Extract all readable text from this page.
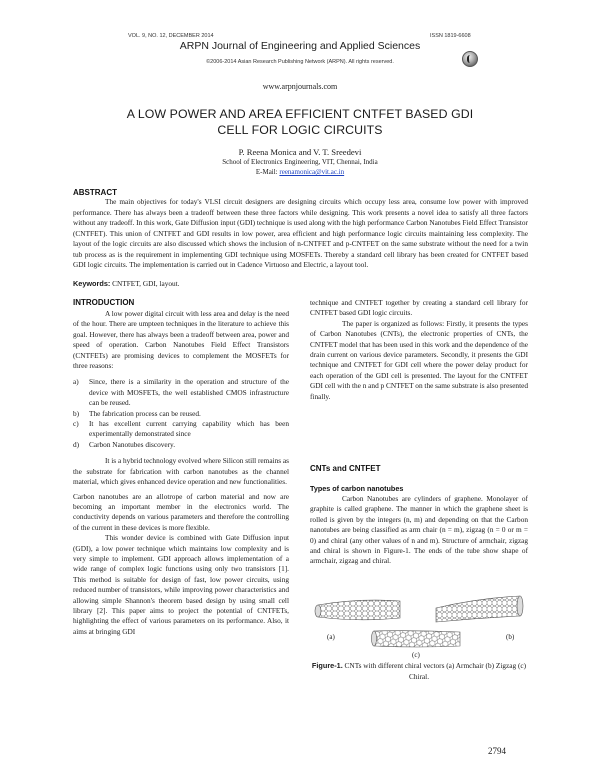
VOL. 9, NO. 12, DECEMBER 2014	ISSN 1819-6608
ARPN Journal of Engineering and Applied Sciences
©2006-2014 Asian Research Publishing Network (ARPN). All rights reserved.
www.arpnjournals.com
A LOW POWER AND AREA EFFICIENT CNTFET BASED GDI
CELL FOR LOGIC CIRCUITS
P. Reena Monica and V. T. Sreedevi
School of Electronics Engineering, VIT, Chennai, India
E-Mail: reenamonica@vit.ac.in
ABSTRACT
The main objectives for today's VLSI circuit designers are designing circuits which occupy less area, consume low power with improved performance. There has always been a tradeoff between these three factors while designing. This work presents a novel idea to satisfy all three factors without any tradeoff. In this work, Gate Diffusion input (GDI) technique is used along with the high performance Carbon Nanotubes Field Effect Transistor (CNTFET). This union of CNTFET and GDI results in low power, area efficient and high performance logic circuits maintaining less complexity. The layout of the logic circuits are also discussed which shows the inclusion of n-CNTFET and p-CNTFET on the same substrate without the need for a twin tub process as is the requirement in implementing GDI technique using MOSFETs. Thereby a standard cell library has been created for CNTFET based GDI logic circuits. The implementation is carried out in Cadence Virtuoso and Electric, a layout tool.
Keywords: CNTFET, GDI, layout.
INTRODUCTION

A low power digital circuit with less area and delay is the need of the hour. There are umpteen techniques in the literature to achieve this goal. However, there has always been a tradeoff between area, power and speed of operation. Carbon Nanotubes Field Effect Transistors (CNTFETs) are promising devices to complement the MOSFETs for three reasons:

a) Since, there is a similarity in the operation and structure of the device with MOSFETs, the well established CMOS infrastructure can be reused.
b) The fabrication process can be reused.
c) It has excellent current carrying capability which has been experimentally demonstrated since
d) Carbon Nanotubes discovery.

It is a hybrid technology evolved where Silicon still remains as the substrate for fabrication with carbon nanotubes as the channel material, which gives enhanced device operation and new functionalities.

Carbon nanotubes are an allotrope of carbon material and now are becoming an important member in the electronics world. The conductivity depends on various parameters and therefore the controlling of the current in these devices is more flexible.

This wonder device is combined with Gate Diffusion input (GDI), a low power technique which maintains low complexity and is very simple to implement. GDI approach allows implementation of a wide range of complex logic functions using only two transistors [1]. This method is suitable for design of fast, low power circuits, using reduced number of transistors, while improving power characteristics and allowing simple Shannon's theorem based design by using small cell library [2]. This paper aims to project the potential of CNTFETs, highlighting the effect of various parameters on its performance. Also, it aims at bringing GDI

technique and CNTFET together by creating a standard cell library for CNTFET based GDI logic circuits.

The paper is organized as follows: Firstly, it presents the types of Carbon Nanotubes (CNTs), the electronic properties of CNTs, the CNTFET model that has been used in this work and the dependence of the drain current on various device parameters. Secondly, it presents the GDI technique and CNTFET for GDI cell where the power delay product for each operation of the GDI cell is presented. The layout for the CNTFET GDI cell with the n and p CNTFET on the same substrate is also presented finally.

CNTs and CNTFET
Types of carbon nanotubes

Carbon Nanotubes are cylinders of graphene. Monolayer of graphite is called graphene. The manner in which the graphene sheet is rolled is given by the integers (n, m) and depending on that the Carbon nanotubes are being classified as arm chair (n = m), zigzag (n = 0 or m = 0) and chiral (any other values of n and m). Structure of armchair, zigzag and chiral is shown in Figure-1. The ends of the tube show shape of armchair, zigzag and chiral.

(a)	(b)
(c)
Figure-1. CNTs with different chiral vectors (a) Armchair (b) Zigzag (c) Chiral.
2794
